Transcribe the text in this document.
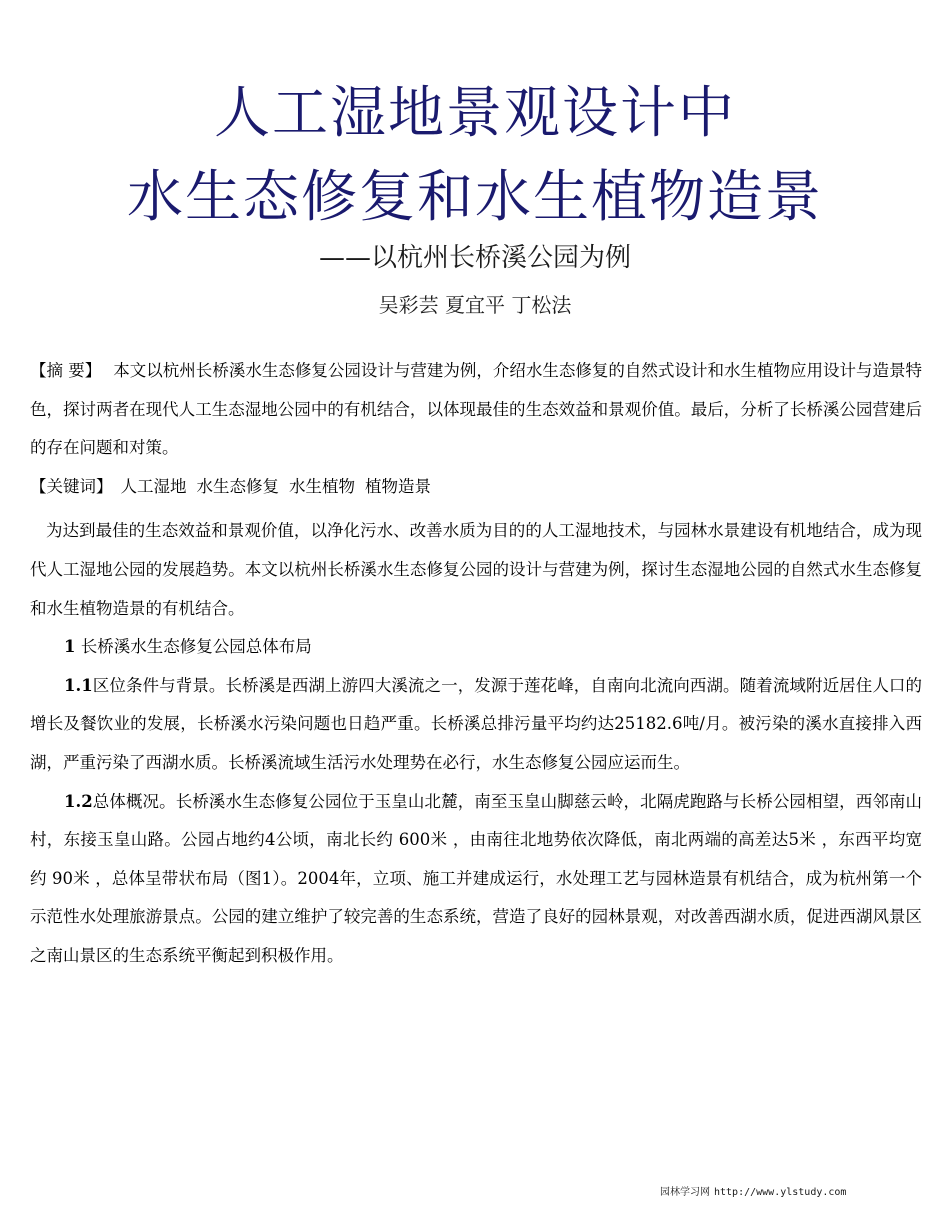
人工湿地景观设计中
水生态修复和水生植物造景
——以杭州长桥溪公园为例
吴彩芸 夏宜平 丁松法

【摘 要】 本文以杭州长桥溪水生态修复公园设计与营建为例，介绍水生态修复的自然式设计和水生植物应用设计与造景特色，探讨两者在现代人工生态湿地公园中的有机结合，以体现最佳的生态效益和景观价值。最后，分析了长桥溪公园营建后的存在问题和对策。

【关键词】 人工湿地 水生态修复 水生植物 植物造景

为达到最佳的生态效益和景观价值，以净化污水、改善水质为目的的人工湿地技术，与园林水景建设有机地结合，成为现代人工湿地公园的发展趋势。本文以杭州长桥溪水生态修复公园的设计与营建为例，探讨生态湿地公园的自然式水生态修复和水生植物造景的有机结合。

1 长桥溪水生态修复公园总体布局

1.1区位条件与背景。长桥溪是西湖上游四大溪流之一，发源于莲花峰，自南向北流向西湖。随着流域附近居住人口的增长及餐饮业的发展，长桥溪水污染问题也日趋严重。长桥溪总排污量平均约达25182.6吨/月。被污染的溪水直接排入西湖，严重污染了西湖水质。长桥溪流域生活污水处理势在必行，水生态修复公园应运而生。

1.2总体概况。长桥溪水生态修复公园位于玉皇山北麓，南至玉皇山脚慈云岭，北隔虎跑路与长桥公园相望，西邻南山村，东接玉皇山路。公园占地约4公顷，南北长约 600米 ，由南往北地势依次降低，南北两端的高差达5米 ，东西平均宽约 90米 ，总体呈带状布局（图1）。2004年，立项、施工并建成运行，水处理工艺与园林造景有机结合，成为杭州第一个示范性水处理旅游景点。公园的建立维护了较完善的生态系统，营造了良好的园林景观，对改善西湖水质，促进西湖风景区之南山景区的生态系统平衡起到积极作用。

园林学习网 http://www.ylstudy.com
